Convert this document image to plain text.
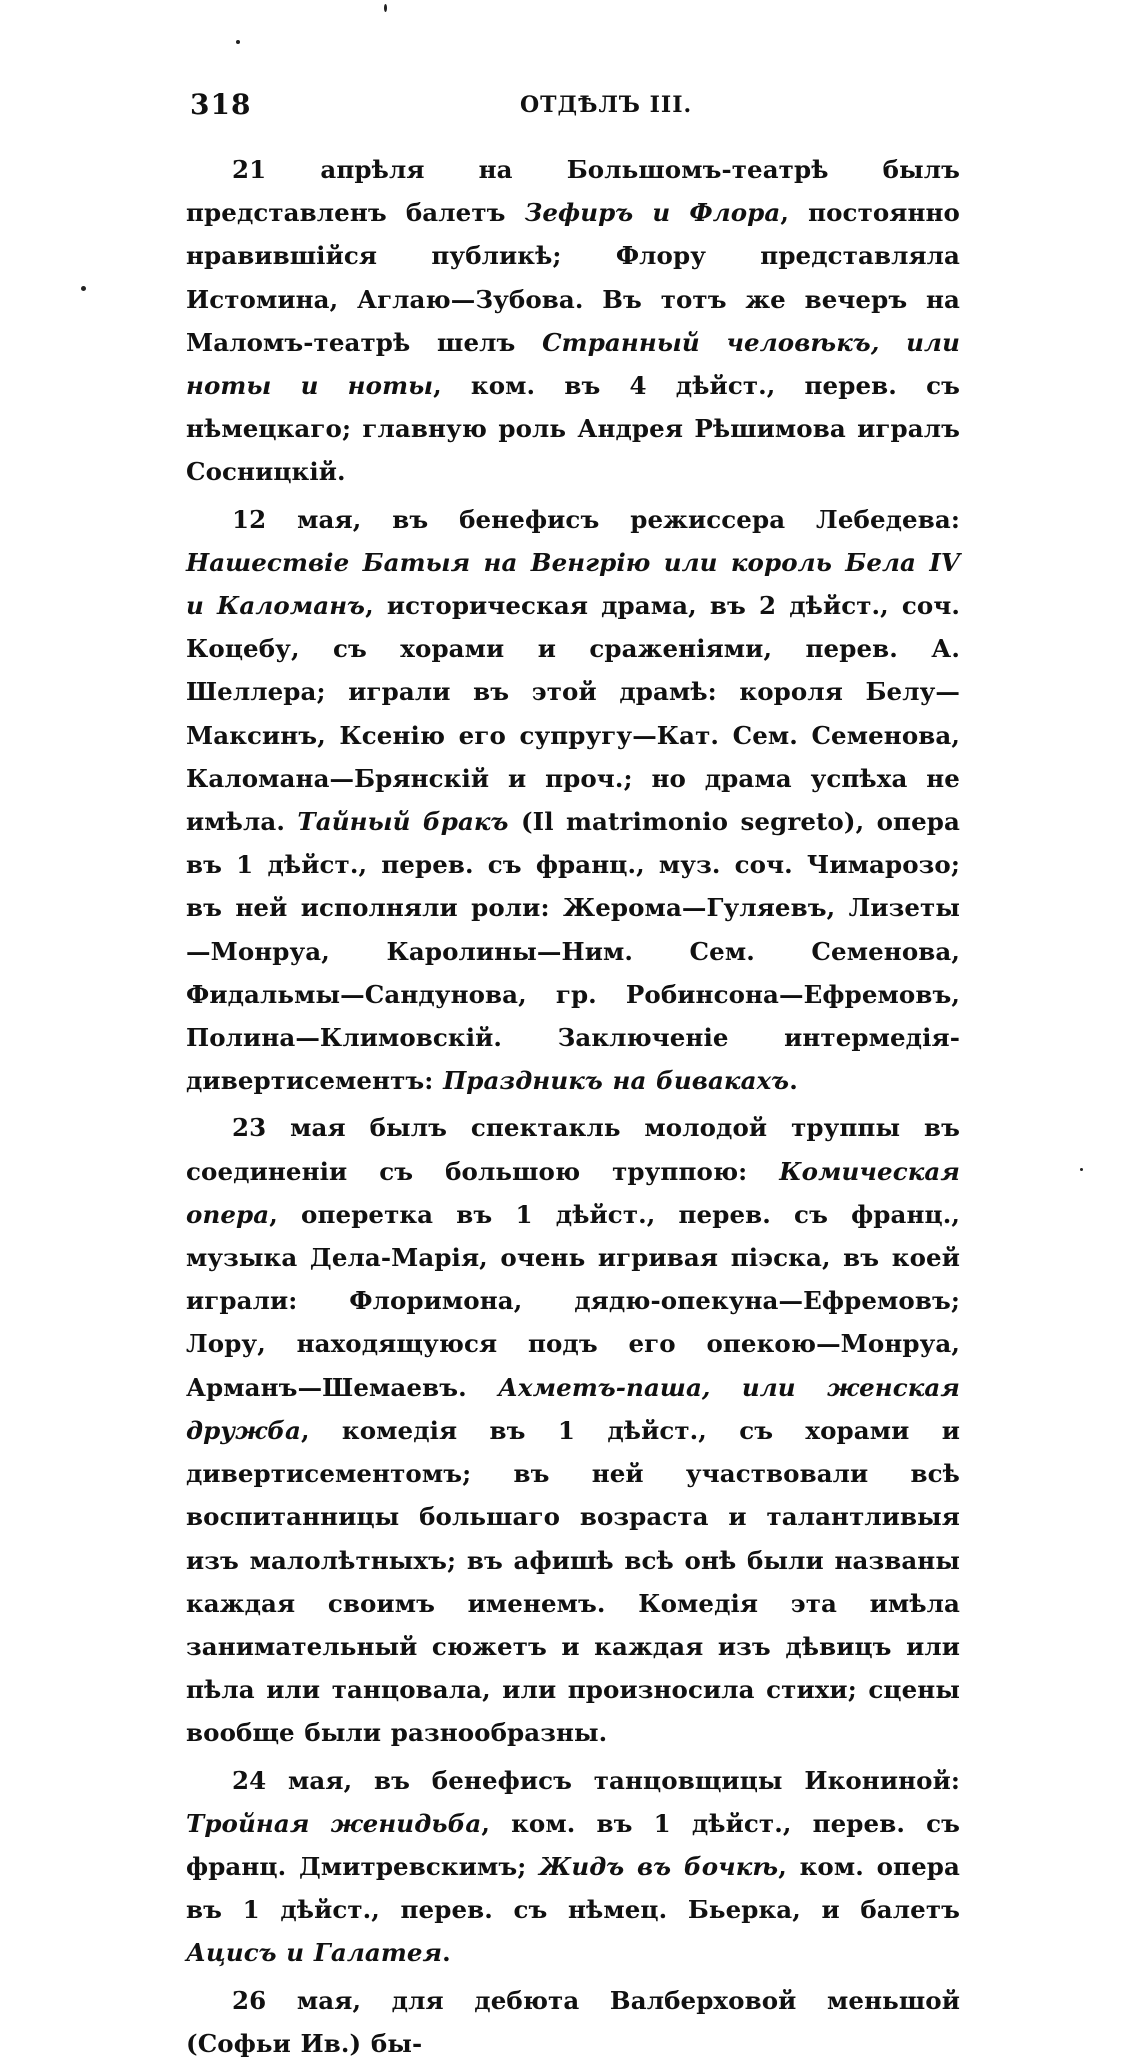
318	ОТДѢЛЪ III.

21 апрѣля на Большомъ-театрѣ былъ представленъ балетъ Зефиръ и Флора, постоянно нравившійся публикѣ; Флору представляла Истомина, Аглаю—Зубова. Въ тотъ же вечеръ на Маломъ-театрѣ шелъ Странный человѣкъ, или ноты и ноты, ком. въ 4 дѣйст., перев. съ нѣмецкаго; главную роль Андрея Рѣшимова игралъ Сосницкій.

12 мая, въ бенефисъ режиссера Лебедева: Нашествіе Батыя на Венгрію или король Бела IV и Каломанъ, историческая драма, въ 2 дѣйст., соч. Коцебу, съ хорами и сраженіями, перев. А. Шеллера; играли въ этой драмѣ: короля Белу—Максинъ, Ксенію его супругу—Кат. Сем. Семенова, Каломана—Брянскій и проч.; но драма успѣха не имѣла. Тайный бракъ (Il matrimonio segreto), опера въ 1 дѣйст., перев. съ франц., муз. соч. Чимарозо; въ ней исполняли роли: Жерома—Гуляевъ, Лизеты—Монруа, Каролины—Ним. Сем. Семенова, Фидальмы—Сандунова, гр. Робинсона—Ефремовъ, Полина—Климовскій. Заключеніе интермедія-дивертисементъ: Праздникъ на бивакахъ.

23 мая былъ спектакль молодой труппы въ соединеніи съ большою труппою: Комическая опера, оперетка въ 1 дѣйст., перев. съ франц., музыка Дела-Марія, очень игривая піэска, въ коей играли: Флоримона, дядю-опекуна—Ефремовъ; Лору, находящуюся подъ его опекою—Монруа, Арманъ—Шемаевъ. Ахметъ-паша, или женская дружба, комедія въ 1 дѣйст., съ хорами и дивертисементомъ; въ ней участвовали всѣ воспитанницы большаго возраста и талантливыя изъ малолѣтныхъ; въ афишѣ всѣ онѣ были названы каждая своимъ именемъ. Комедія эта имѣла занимательный сюжетъ и каждая изъ дѣвицъ или пѣла или танцовала, или произносила стихи; сцены вообще были разнообразны.

24 мая, въ бенефисъ танцовщицы Икониной: Тройная женидьба, ком. въ 1 дѣйст., перев. съ франц. Дмитревскимъ; Жидъ въ бочкѣ, ком. опера въ 1 дѣйст., перев. съ нѣмец. Бьерка, и балетъ Ацисъ и Галатея.

26 мая, для дебюта Валберховой меньшой (Софьи Ив.) бы-
